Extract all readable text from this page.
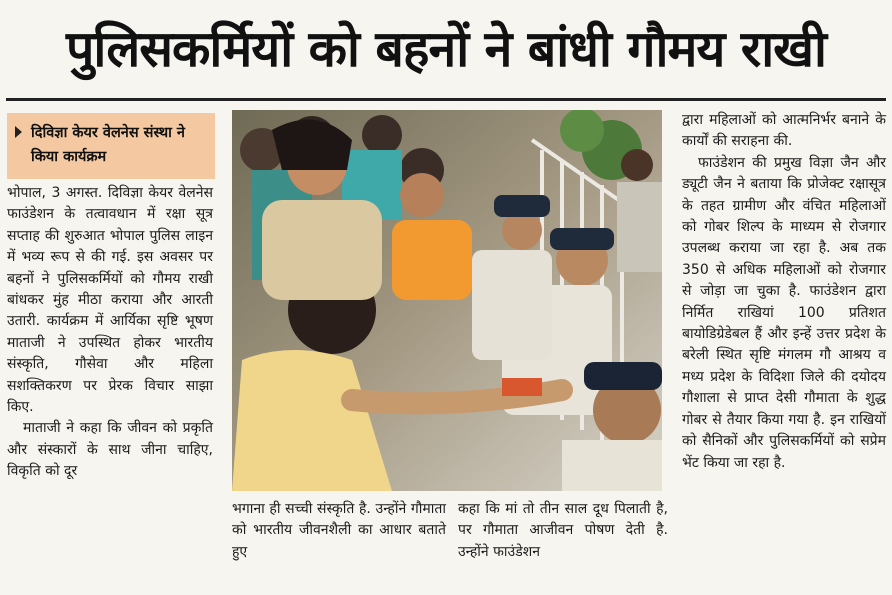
पुलिसकर्मियों को बहनों ने बांधी गौमय राखी
दिविज्ञा केयर वेलनेस संस्था ने किया कार्यक्रम

भोपाल, 3 अगस्त. दिविज्ञा केयर वेलनेस फाउंडेशन के तत्वावधान में रक्षा सूत्र सप्ताह की शुरुआत भोपाल पुलिस लाइन में भव्य रूप से की गई. इस अवसर पर बहनों ने पुलिसकर्मियों को गौमय राखी बांधकर मुंह मीठा कराया और आरती उतारी. कार्यक्रम में आर्यिका सृष्टि भूषण माताजी ने उपस्थित होकर भारतीय संस्कृति, गौसेवा और महिला सशक्तिकरण पर प्रेरक विचार साझा किए.

माताजी ने कहा कि जीवन को प्रकृति और संस्कारों के साथ जीना चाहिए, विकृति को दूर

भगाना ही सच्ची संस्कृति है. उन्होंने गौमाता को भारतीय जीवनशैली का आधार बताते हुए

कहा कि मां तो तीन साल दूध पिलाती है, पर गौमाता आजीवन पोषण देती है. उन्होंने फाउंडेशन

द्वारा महिलाओं को आत्मनिर्भर बनाने के कार्यों की सराहना की.

फाउंडेशन की प्रमुख विज्ञा जैन और ड्यूटी जैन ने बताया कि प्रोजेक्ट रक्षासूत्र के तहत ग्रामीण और वंचित महिलाओं को गोबर शिल्प के माध्यम से रोजगार उपलब्ध कराया जा रहा है. अब तक 350 से अधिक महिलाओं को रोजगार से जोड़ा जा चुका है. फाउंडेशन द्वारा निर्मित राखियां 100 प्रतिशत बायोडिग्रेडेबल हैं और इन्हें उत्तर प्रदेश के बरेली स्थित सृष्टि मंगलम गौ आश्रय व मध्य प्रदेश के विदिशा जिले की दयोदय गौशाला से प्राप्त देसी गौमाता के शुद्ध गोबर से तैयार किया गया है. इन राखियों को सैनिकों और पुलिसकर्मियों को सप्रेम भेंट किया जा रहा है.
